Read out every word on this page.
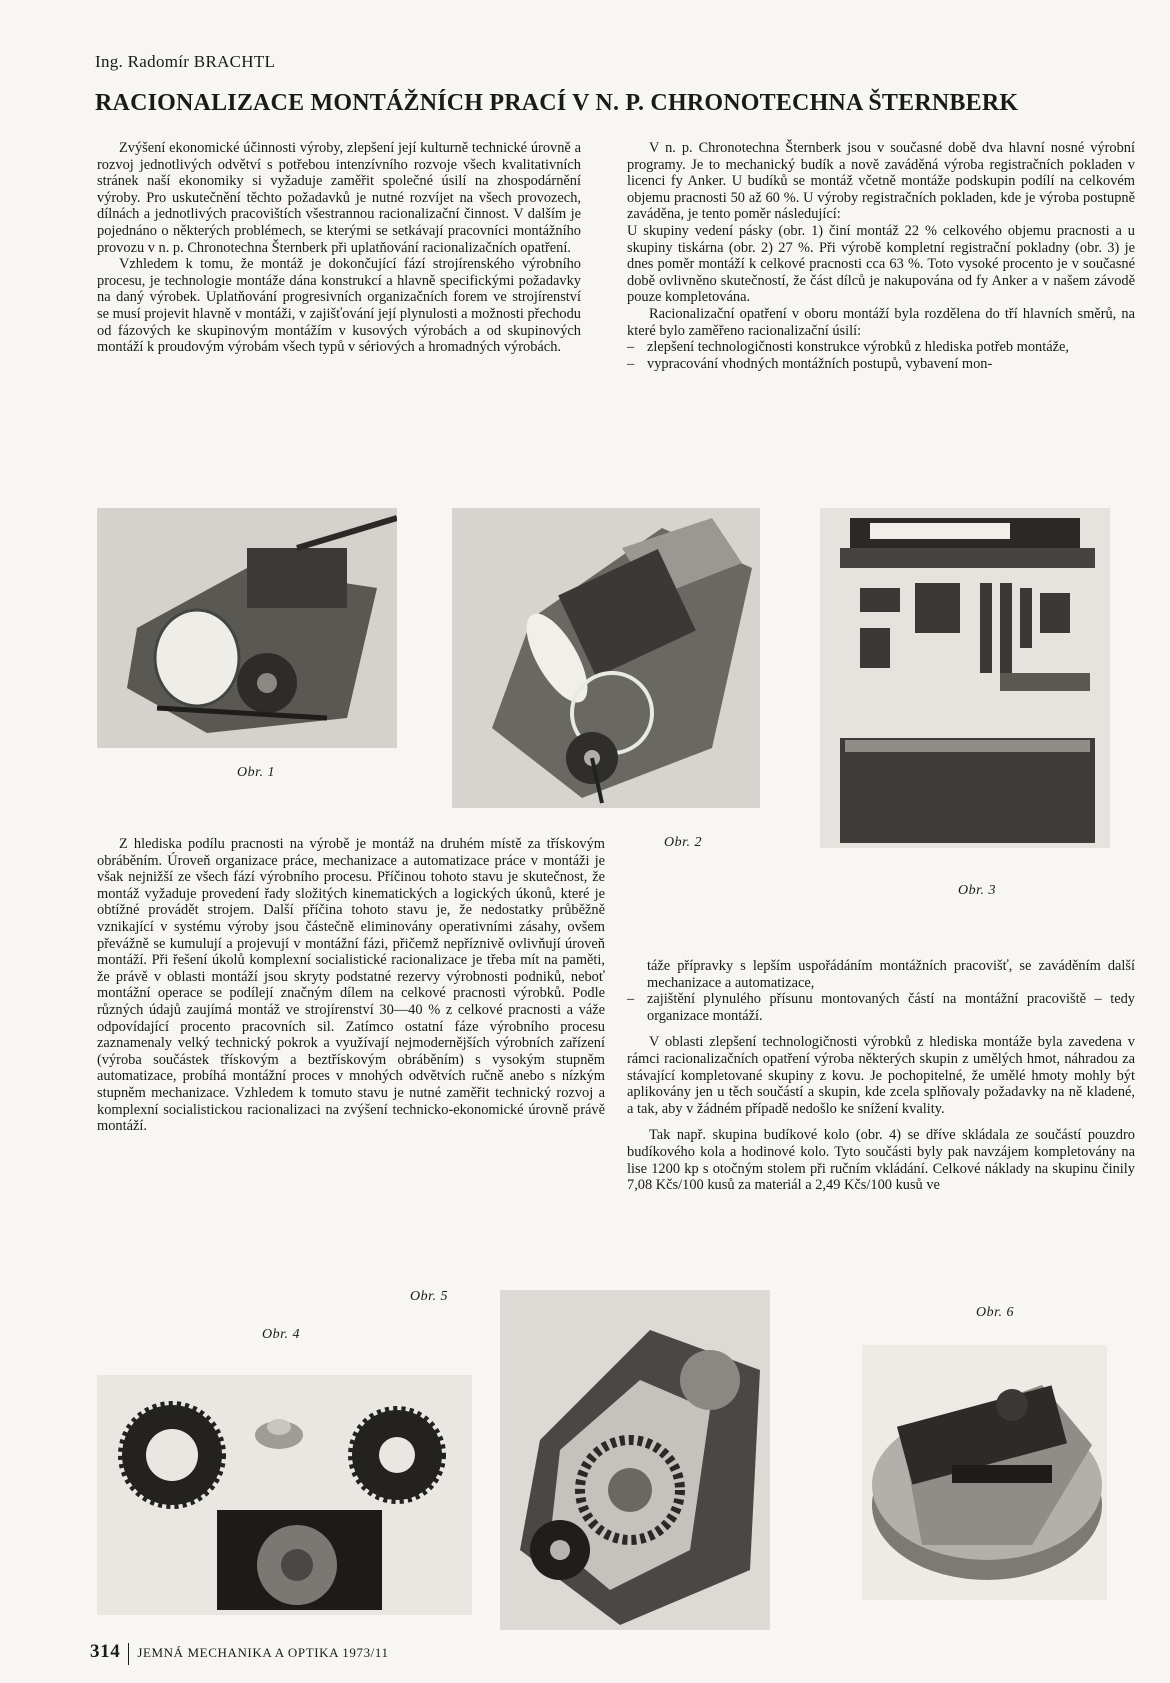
Ing. Radomír BRACHTL
RACIONALIZACE MONTÁŽNÍCH PRACÍ V N. P. CHRONOTECHNA ŠTERNBERK

Zvýšení ekonomické účinnosti výroby, zlepšení její kulturně technické úrovně a rozvoj jednotlivých odvětví s potřebou intenzívního rozvoje všech kvalitativních stránek naší ekonomiky si vyžaduje zaměřit společné úsilí na zhospodárnění výroby. Pro uskutečnění těchto požadavků je nutné rozvíjet na všech provozech, dílnách a jednotlivých pracovištích všestrannou racionalizační činnost. V dalším je pojednáno o některých problémech, se kterými se setkávají pracovníci montážního provozu v n. p. Chronotechna Šternberk při uplatňování racionalizačních opatření.

Vzhledem k tomu, že montáž je dokončující fází strojírenského výrobního procesu, je technologie montáže dána konstrukcí a hlavně specifickými požadavky na daný výrobek. Uplatňování progresivních organizačních forem ve strojírenství se musí projevit hlavně v montáži, v zajišťování její plynulosti a možnosti přechodu od fázových ke skupinovým montážím v kusových výrobách a od skupinových montáží k proudovým výrobám všech typů v sériových a hromadných výrobách.

V n. p. Chronotechna Šternberk jsou v současné době dva hlavní nosné výrobní programy. Je to mechanický budík a nově zaváděná výroba registračních pokladen v licenci fy Anker. U budíků se montáž včetně montáže podskupin podílí na celkovém objemu pracnosti 50 až 60 %. U výroby registračních pokladen, kde je výroba postupně zaváděna, je tento poměr následující:

U skupiny vedení pásky (obr. 1) činí montáž 22 % celkového objemu pracnosti a u skupiny tiskárna (obr. 2) 27 %. Při výrobě kompletní registrační pokladny (obr. 3) je dnes poměr montáží k celkové pracnosti cca 63 %. Toto vysoké procento je v současné době ovlivněno skutečností, že část dílců je nakupována od fy Anker a v našem závodě pouze kompletována.

Racionalizační opatření v oboru montáží byla rozdělena do tří hlavních směrů, na které bylo zaměřeno racionalizační úsilí:

– zlepšení technologičnosti konstrukce výrobků z hlediska potřeb montáže,
– vypracování vhodných montážních postupů, vybavení mon-
Obr. 1
Obr. 2
Obr. 3

Z hlediska podílu pracnosti na výrobě je montáž na druhém místě za třískovým obráběním. Úroveň organizace práce, mechanizace a automatizace práce v montáži je však nejnižší ze všech fází výrobního procesu. Příčinou tohoto stavu je skutečnost, že montáž vyžaduje provedení řady složitých kinematických a logických úkonů, které je obtížné provádět strojem. Další příčina tohoto stavu je, že nedostatky průběžně vznikající v systému výroby jsou částečně eliminovány operativními zásahy, ovšem převážně se kumulují a projevují v montážní fázi, přičemž nepříznivě ovlivňují úroveň montáží. Při řešení úkolů komplexní socialistické racionalizace je třeba mít na paměti, že právě v oblasti montáží jsou skryty podstatné rezervy výrobnosti podniků, neboť montážní operace se podílejí značným dílem na celkové pracnosti výrobků. Podle různých údajů zaujímá montáž ve strojírenství 30—40 % z celkové pracnosti a váže odpovídající procento pracovních sil. Zatímco ostatní fáze výrobního procesu zaznamenaly velký technický pokrok a využívají nejmodernějších výrobních zařízení (výroba součástek třískovým a beztřískovým obráběním) s vysokým stupněm automatizace, probíhá montážní proces v mnohých odvětvích ručně anebo s nízkým stupněm mechanizace. Vzhledem k tomuto stavu je nutné zaměřit technický rozvoj a komplexní socialistickou racionalizaci na zvýšení technicko-ekonomické úrovně právě montáží.

táže přípravky s lepším uspořádáním montážních pracovišť, se zaváděním další mechanizace a automatizace,

– zajištění plynulého přísunu montovaných částí na montážní pracoviště – tedy organizace montáží.

V oblasti zlepšení technologičnosti výrobků z hlediska montáže byla zavedena v rámci racionalizačních opatření výroba některých skupin z umělých hmot, náhradou za stávající kompletované skupiny z kovu. Je pochopitelné, že umělé hmoty mohly být aplikovány jen u těch součástí a skupin, kde zcela splňovaly požadavky na ně kladené, a tak, aby v žádném případě nedošlo ke snížení kvality.

Tak např. skupina budíkové kolo (obr. 4) se dříve skládala ze součástí pouzdro budíkového kola a hodinové kolo. Tyto součásti byly pak navzájem kompletovány na lise 1200 kp s otočným stolem při ručním vkládání. Celkové náklady na skupinu činily 7,08 Kčs/100 kusů za materiál a 2,49 Kčs/100 kusů ve

Obr. 5
Obr. 4
Obr. 6
314 JEMNÁ MECHANIKA A OPTIKA 1973/11
